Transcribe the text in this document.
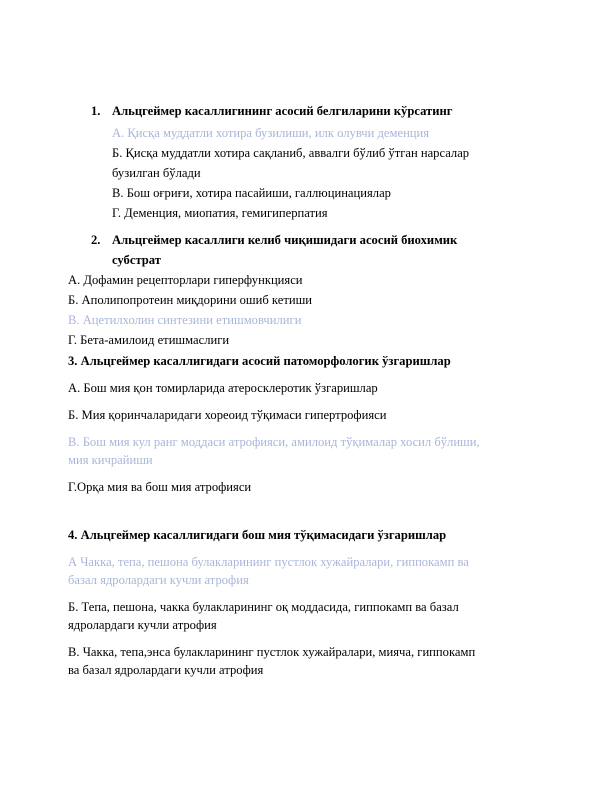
1. Альцгеймер касаллигининг асосий белгиларини кўрсатинг
А. Қисқа муддатли хотира бузилиши, илк олувчи деменция
Б. Қисқа муддатли хотира сақланиб, аввалги бўлиб ўтган нарсалар
бузилган бўлади
В. Бош оғриғи, хотира пасайиши, галлюцинациялар
Г. Деменция, миопатия, гемигиперпатия
2. Альцгеймер касаллиги келиб чиқишидаги асосий биохимик
субстрат
А. Дофамин рецепторлари гиперфункцияси
Б. Аполипопротеин миқдорини ошиб кетиши
В. Ацетилхолин синтезини етишмовчилиги
Г. Бета-амилоид етишмаслиги
3. Альцгеймер касаллигидаги асосий патоморфологик ўзгаришлар
А. Бош мия қон томирларида атеросклеротик ўзгаришлар
Б. Мия қоринчаларидаги хореоид тўқимаси гипертрофияси
В. Бош мия кул ранг моддаси атрофияси, амилоид тўқималар хосил бўлиши,
мия кичрайиши
Г.Орқа мия ва бош мия атрофияси
4. Альцгеймер касаллигидаги бош мия тўқимасидаги ўзгаришлар
А Чакка, тепа, пешона булакларининг пустлок хужайралари, гиппокамп ва
базал ядролардаги кучли атрофия
Б. Тепа, пешона, чакка булакларининг оқ моддасида, гиппокамп ва базал
ядролардаги кучли атрофия
В. Чакка, тепа,энса булакларининг пустлок хужайралари, миячa, гиппокамп
ва базал ядролардаги кучли атрофия
